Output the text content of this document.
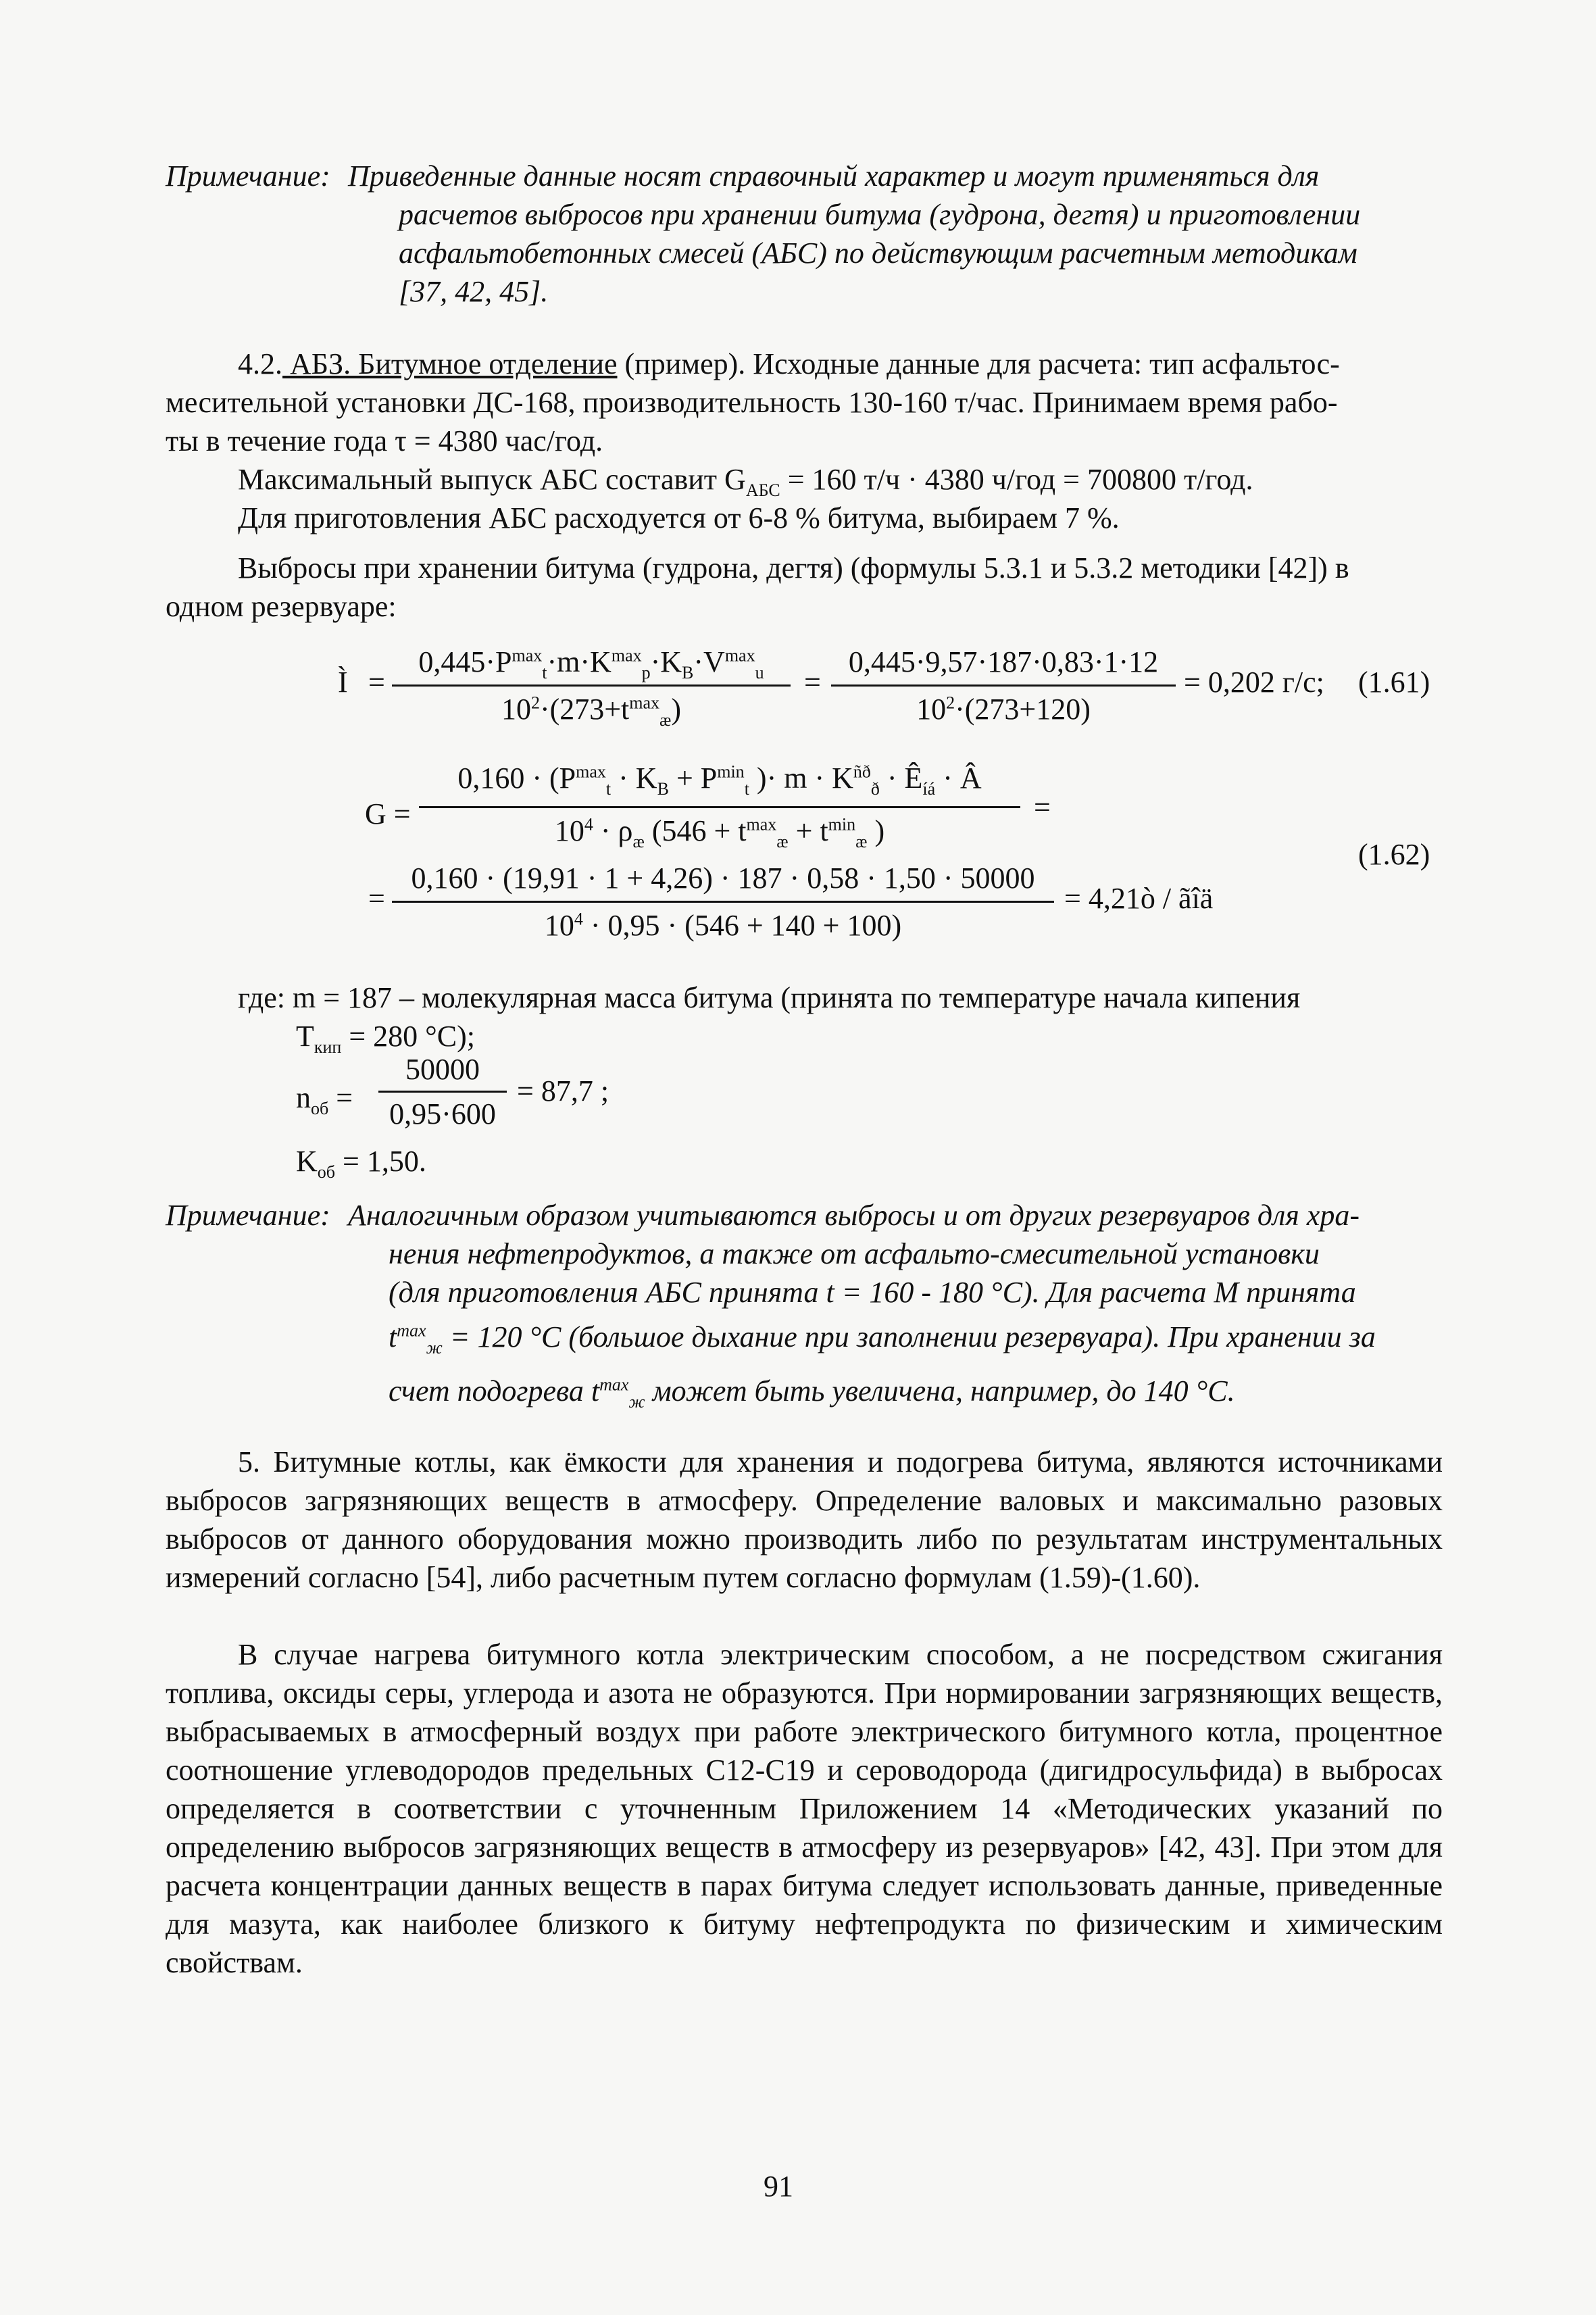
Примечание: Приведенные данные носят справочный характер и могут применяться для
расчетов выбросов при хранении битума (гудрона, дегтя) и приготовлении
асфальтобетонных смесей (АБС) по действующим расчетным методикам
[37, 42, 45].
4.2. АБЗ. Битумное отделение (пример). Исходные данные для расчета: тип асфальтос-
месительной установки ДС-168, производительность 130-160 т/час. Принимаем время рабо-
ты в течение года τ = 4380 час/год.
Максимальный выпуск АБС составит $G_{АБС} = 160$ т/ч · 4380 ч/год = 700800 т/год.
Для приготовления АБС расходуется от 6-8 % битума, выбираем 7 %.
Выбросы при хранении битума (гудрона, дегтя) (формулы 5.3.1 и 5.3.2 методики [42]) в
одном резервуаре:
Ì =
$0,445\cdot P^{max}_t\cdot m\cdot K^{max}_p\cdot K_B\cdot V^{max}_u$
$10^2\cdot(273+t^{max}_æ)$
=
0,445·9,57·187·0,83·1·12
$10^2\cdot(273+120)$
= 0,202 г/с; (1.61)
G =
$0,160 \cdot (P^{max}_t \cdot K_B + P^{min}_t$ )· $m \cdot K^{ñð}_ð$ · $Ê_{íá}$ · Â
$10^4 \cdot \rho_æ$ ($546 + t^{max}_æ + t^{min}_æ$ )
=
=
0,160 · (19,91 · 1 + 4,26) · 187 · 0,58 · 1,50 · 50000
$10^4 \cdot 0,95 \cdot (546 + 140 + 100)$
= 4,21ò / ãîä
(1.62)
где: m = 187 – молекулярная масса битума (принята по температуре начала кипения
$T_{кип} = 280$ °С);
$n_{об}$ =
50000
0,95·600
= 87,7 ;
$K_{об} = 1,50$.
Примечание: Аналогичным образом учитываются выбросы и от других резервуаров для хра-
нения нефтепродуктов, а также от асфальто-смесительной установки
(для приготовления АБС принята t = 160 - 180 °С). Для расчета M принята
$t^{max}_ж = 120$ °С (большое дыхание при заполнении резервуара). При хранении за
счет подогрева $t^{max}_ж$ может быть увеличена, например, до 140 °С.
5. Битумные котлы, как ёмкости для хранения и подогрева битума, являются источниками выбросов загрязняющих веществ в атмосферу. Определение валовых и максимально разовых выбросов от данного оборудования можно производить либо по результатам инструментальных измерений согласно [54], либо расчетным путем согласно формулам (1.59)-(1.60).
В случае нагрева битумного котла электрическим способом, а не посредством сжигания топлива, оксиды серы, углерода и азота не образуются. При нормировании загрязняющих веществ, выбрасываемых в атмосферный воздух при работе электрического битумного котла, процентное соотношение углеводородов предельных C12-C19 и сероводорода (дигидросульфида) в выбросах определяется в соответствии с уточненным Приложением 14 «Методических указаний по определению выбросов загрязняющих веществ в атмосферу из резервуаров» [42, 43]. При этом для расчета концентрации данных веществ в парах битума следует использовать данные, приведенные для мазута, как наиболее близкого к битуму нефтепродукта по физическим и химическим свойствам.
91
